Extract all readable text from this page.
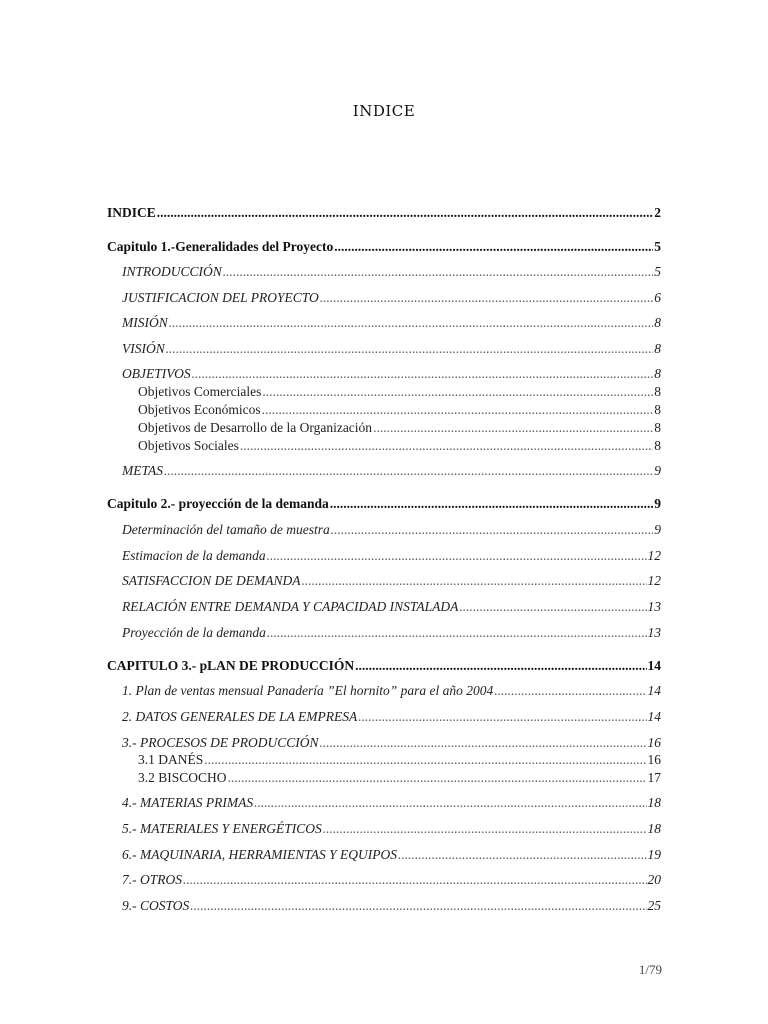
INDICE
INDICE .....	2
Capitulo 1.-Generalidades del Proyecto .....	5
INTRODUCCIÓN .....	5
JUSTIFICACION DEL PROYECTO .....	6
MISIÓN .....	8
VISIÓN .....	8
OBJETIVOS .....	8
Objetivos Comerciales .....	8
Objetivos Económicos .....	8
Objetivos de Desarrollo de la Organización .....	8
Objetivos Sociales .....	8
METAS .....	9
Capitulo 2.- proyección de la demanda .....	9
Determinación del tamaño de muestra .....	9
Estimacion de la demanda .....	12
SATISFACCION DE DEMANDA .....	12
RELACIÓN ENTRE DEMANDA Y CAPACIDAD INSTALADA .....	13
Proyección de la demanda .....	13
CAPITULO 3.- pLAN DE PRODUCCIÓN .....	14
1. Plan de ventas mensual Panadería ”El hornito” para el año 2004 .....	14
2. DATOS GENERALES DE LA EMPRESA .....	14
3.- PROCESOS DE PRODUCCIÓN .....	16
3.1 DANÉS .....	16
3.2 BISCOCHO .....	17
4.- MATERIAS PRIMAS .....	18
5.- MATERIALES Y ENERGÉTICOS .....	18
6.- MAQUINARIA, HERRAMIENTAS Y EQUIPOS .....	19
7.- OTROS .....	20
9.- COSTOS .....	25
1/79
